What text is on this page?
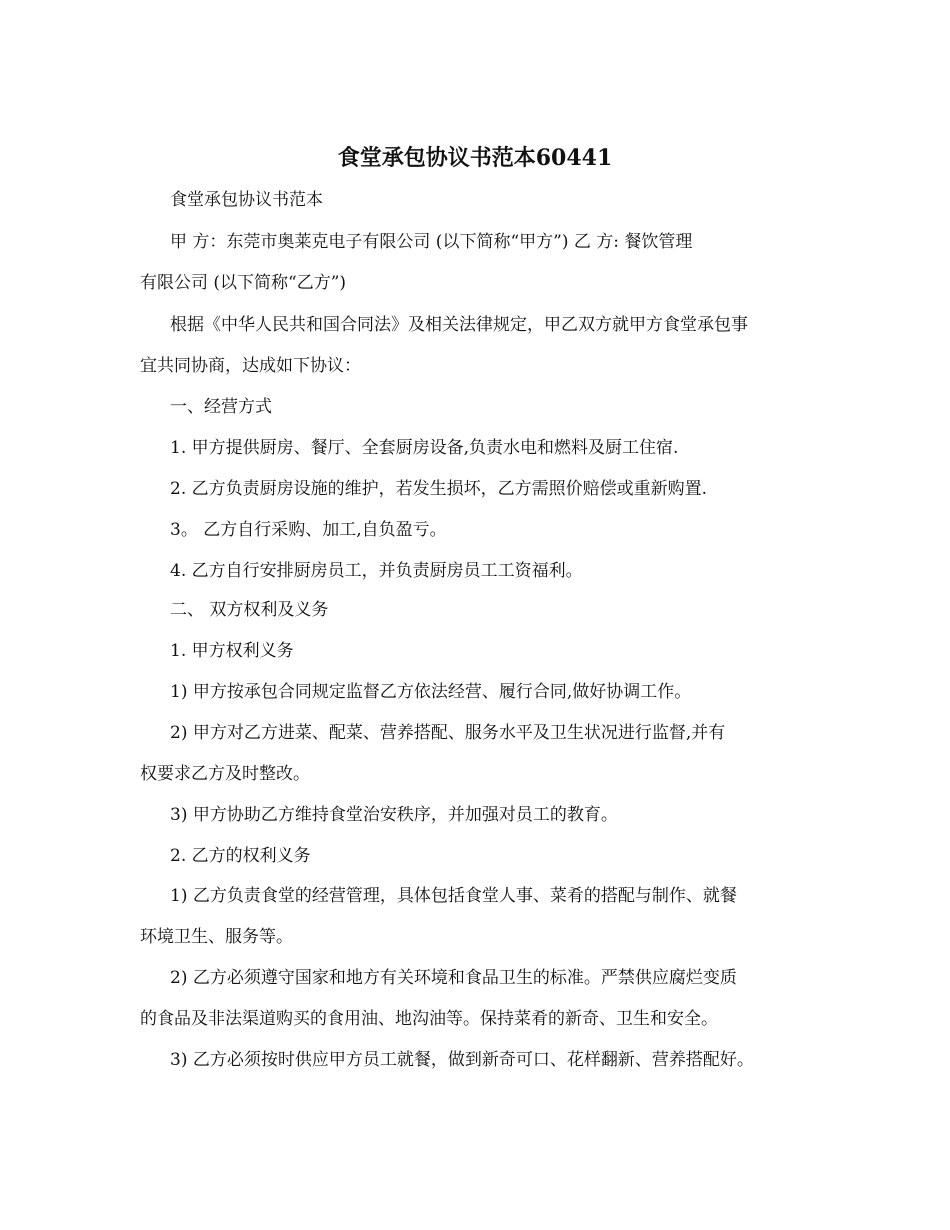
食堂承包协议书范本60441

食堂承包协议书范本

甲 方：东莞市奥莱克电子有限公司 (以下简称“甲方”) 乙 方: 餐饮管理

有限公司 (以下简称“乙方”)

根据《中华人民共和国合同法》及相关法律规定，甲乙双方就甲方食堂承包事

宜共同协商，达成如下协议：

一、经营方式

1. 甲方提供厨房、餐厅、全套厨房设备,负责水电和燃料及厨工住宿.

2. 乙方负责厨房设施的维护，若发生损坏，乙方需照价赔偿或重新购置.

3。 乙方自行采购、加工,自负盈亏。

4. 乙方自行安排厨房员工，并负责厨房员工工资福利。

二、 双方权利及义务

1. 甲方权利义务

1) 甲方按承包合同规定监督乙方依法经营、履行合同,做好协调工作。

2) 甲方对乙方进菜、配菜、营养搭配、服务水平及卫生状况进行监督,并有

权要求乙方及时整改。

3) 甲方协助乙方维持食堂治安秩序，并加强对员工的教育。

2. 乙方的权利义务

1) 乙方负责食堂的经营管理，具体包括食堂人事、菜肴的搭配与制作、就餐

环境卫生、服务等。

2) 乙方必须遵守国家和地方有关环境和食品卫生的标准。严禁供应腐烂变质

的食品及非法渠道购买的食用油、地沟油等。保持菜肴的新奇、卫生和安全。

3) 乙方必须按时供应甲方员工就餐，做到新奇可口、花样翻新、营养搭配好。
